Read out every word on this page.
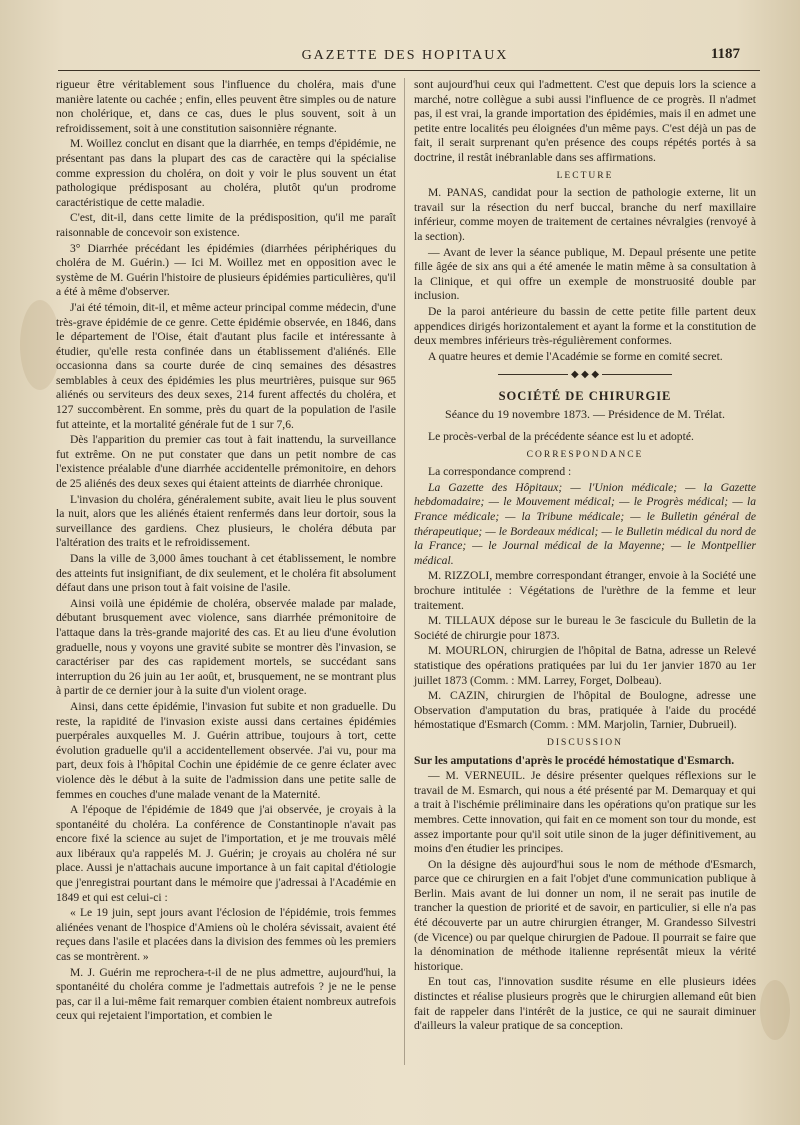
GAZETTE DES HOPITAUX	1187

rigueur être véritablement sous l'influence du choléra, mais d'une manière latente ou cachée ; enfin, elles peuvent être simples ou de nature non cholérique, et, dans ce cas, dues le plus souvent, soit à un refroidissement, soit à une constitution saisonnière régnante.

M. Woillez conclut en disant que la diarrhée, en temps d'épidémie, ne présentant pas dans la plupart des cas de caractère qui la spécialise comme expression du choléra, on doit y voir le plus souvent un état pathologique prédisposant au choléra, plutôt qu'un prodrome caractéristique de cette maladie.

C'est, dit-il, dans cette limite de la prédisposition, qu'il me paraît raisonnable de concevoir son existence.

3° Diarrhée précédant les épidémies (diarrhées périphériques du choléra de M. Guérin.) — Ici M. Woillez met en opposition avec le système de M. Guérin l'histoire de plusieurs épidémies particulières, qu'il a été à même d'observer.

J'ai été témoin, dit-il, et même acteur principal comme médecin, d'une très-grave épidémie de ce genre. Cette épidémie observée, en 1846, dans le département de l'Oise, était d'autant plus facile et intéressante à étudier, qu'elle resta confinée dans un établissement d'aliénés. Elle occasionna dans sa courte durée de cinq semaines des désastres semblables à ceux des épidémies les plus meurtrières, puisque sur 965 aliénés ou serviteurs des deux sexes, 214 furent affectés du choléra, et 127 succombèrent. En somme, près du quart de la population de l'asile fut atteinte, et la mortalité générale fut de 1 sur 7,6.

Dès l'apparition du premier cas tout à fait inattendu, la surveillance fut extrême. On ne put constater que dans un petit nombre de cas l'existence préalable d'une diarrhée accidentelle prémonitoire, en dehors de 25 aliénés des deux sexes qui étaient atteints de diarrhée chronique.

L'invasion du choléra, généralement subite, avait lieu le plus souvent la nuit, alors que les aliénés étaient renfermés dans leur dortoir, sous la surveillance des gardiens. Chez plusieurs, le choléra débuta par l'altération des traits et le refroidissement.

Dans la ville de 3,000 âmes touchant à cet établissement, le nombre des atteints fut insignifiant, de dix seulement, et le choléra fit absolument défaut dans une prison tout à fait voisine de l'asile.

Ainsi voilà une épidémie de choléra, observée malade par malade, débutant brusquement avec violence, sans diarrhée prémonitoire de l'attaque dans la très-grande majorité des cas. Et au lieu d'une évolution graduelle, nous y voyons une gravité subite se montrer dès l'invasion, se caractériser par des cas rapidement mortels, se succédant sans interruption du 26 juin au 1er août, et, brusquement, ne se montrant plus à partir de ce dernier jour à la suite d'un violent orage.

Ainsi, dans cette épidémie, l'invasion fut subite et non graduelle. Du reste, la rapidité de l'invasion existe aussi dans certaines épidémies puerpérales auxquelles M. J. Guérin attribue, toujours à tort, cette évolution graduelle qu'il a accidentellement observée. J'ai vu, pour ma part, deux fois à l'hôpital Cochin une épidémie de ce genre éclater avec violence dès le début à la suite de l'admission dans une petite salle de femmes en couches d'une malade venant de la Maternité.

A l'époque de l'épidémie de 1849 que j'ai observée, je croyais à la spontanéité du choléra. La conférence de Constantinople n'avait pas encore fixé la science au sujet de l'importation, et je me trouvais mêlé aux libéraux qu'a rappelés M. J. Guérin; je croyais au choléra né sur place. Aussi je n'attachais aucune importance à un fait capital d'étiologie que j'enregistrai pourtant dans le mémoire que j'adressai à l'Académie en 1849 et qui est celui-ci :

« Le 19 juin, sept jours avant l'éclosion de l'épidémie, trois femmes aliénées venant de l'hospice d'Amiens où le choléra sévissait, avaient été reçues dans l'asile et placées dans la division des femmes où les premiers cas se montrèrent. »

M. J. Guérin me reprochera-t-il de ne plus admettre, aujourd'hui, la spontanéité du choléra comme je l'admettais autrefois ? je ne le pense pas, car il a lui-même fait remarquer combien étaient nombreux autrefois ceux qui rejetaient l'importation, et combien le

sont aujourd'hui ceux qui l'admettent. C'est que depuis lors la science a marché, notre collègue a subi aussi l'influence de ce progrès. Il n'admet pas, il est vrai, la grande importation des épidémies, mais il en admet une petite entre localités peu éloignées d'un même pays. C'est déjà un pas de fait, il serait surprenant qu'en présence des coups répétés portés à sa doctrine, il restât inébranlable dans ses affirmations.

LECTURE

M. PANAS, candidat pour la section de pathologie externe, lit un travail sur la résection du nerf buccal, branche du nerf maxillaire inférieur, comme moyen de traitement de certaines névralgies (renvoyé à la section).

— Avant de lever la séance publique, M. Depaul présente une petite fille âgée de six ans qui a été amenée le matin même à sa consultation à la Clinique, et qui offre un exemple de monstruosité double par inclusion.

De la paroi antérieure du bassin de cette petite fille partent deux appendices dirigés horizontalement et ayant la forme et la constitution de deux membres inférieurs très-régulièrement conformes.

A quatre heures et demie l'Académie se forme en comité secret.

◆ ◆ ◆
SOCIÉTÉ DE CHIRURGIE
Séance du 19 novembre 1873. — Présidence de M. Trélat.

Le procès-verbal de la précédente séance est lu et adopté.

CORRESPONDANCE

La correspondance comprend :

La Gazette des Hôpitaux; — l'Union médicale; — la Gazette hebdomadaire; — le Mouvement médical; — le Progrès médical; — la France médicale; — la Tribune médicale; — le Bulletin général de thérapeutique; — le Bordeaux médical; — le Bulletin médical du nord de la France; — le Journal médical de la Mayenne; — le Montpellier médical.

M. RIZZOLI, membre correspondant étranger, envoie à la Société une brochure intitulée : Végétations de l'urèthre de la femme et leur traitement.

M. TILLAUX dépose sur le bureau le 3e fascicule du Bulletin de la Société de chirurgie pour 1873.

M. MOURLON, chirurgien de l'hôpital de Batna, adresse un Relevé statistique des opérations pratiquées par lui du 1er janvier 1870 au 1er juillet 1873 (Comm. : MM. Larrey, Forget, Dolbeau).

M. CAZIN, chirurgien de l'hôpital de Boulogne, adresse une Observation d'amputation du bras, pratiquée à l'aide du procédé hémostatique d'Esmarch (Comm. : MM. Marjolin, Tarnier, Dubrueil).

DISCUSSION

Sur les amputations d'après le procédé hémostatique d'Esmarch.

— M. VERNEUIL. Je désire présenter quelques réflexions sur le travail de M. Esmarch, qui nous a été présenté par M. Demarquay et qui a trait à l'ischémie préliminaire dans les opérations qu'on pratique sur les membres. Cette innovation, qui fait en ce moment son tour du monde, est assez importante pour qu'il soit utile sinon de la juger définitivement, au moins d'en étudier les principes.

On la désigne dès aujourd'hui sous le nom de méthode d'Esmarch, parce que ce chirurgien en a fait l'objet d'une communication publique à Berlin. Mais avant de lui donner un nom, il ne serait pas inutile de trancher la question de priorité et de savoir, en particulier, si elle n'a pas été découverte par un autre chirurgien étranger, M. Grandesso Silvestri (de Vicence) ou par quelque chirurgien de Padoue. Il pourrait se faire que la dénomination de méthode italienne représentât mieux la vérité historique.

En tout cas, l'innovation susdite résume en elle plusieurs idées distinctes et réalise plusieurs progrès que le chirurgien allemand eût bien fait de rappeler dans l'intérêt de la justice, ce qui ne saurait diminuer d'ailleurs la valeur pratique de sa conception.
